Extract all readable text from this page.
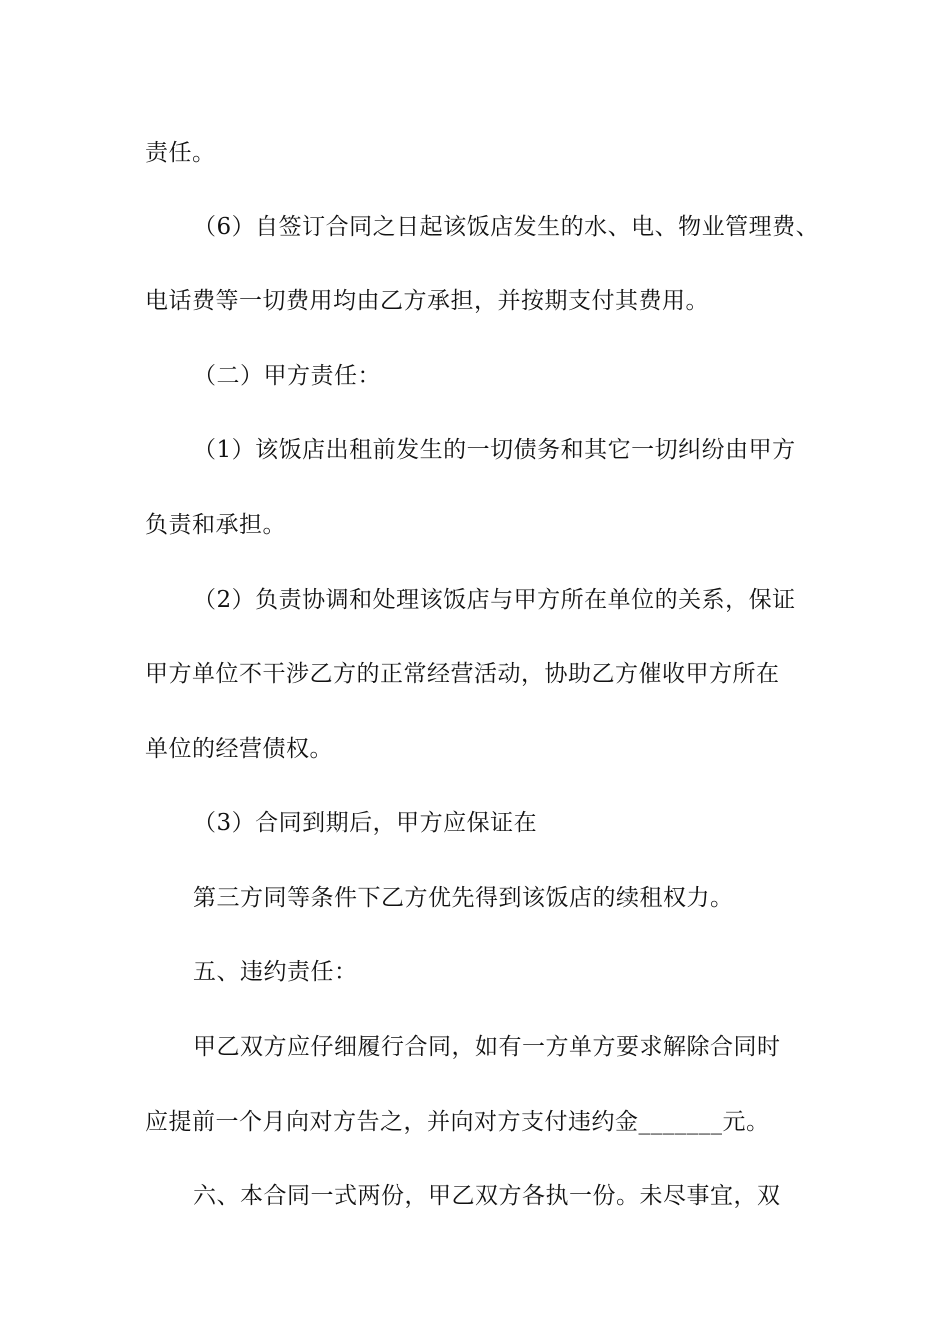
责任。
（6）自签订合同之日起该饭店发生的水、电、物业管理费、
电话费等一切费用均由乙方承担，并按期支付其费用。
（二）甲方责任：
（1）该饭店出租前发生的一切债务和其它一切纠纷由甲方
负责和承担。
（2）负责协调和处理该饭店与甲方所在单位的关系，保证
甲方单位不干涉乙方的正常经营活动，协助乙方催收甲方所在
单位的经营债权。
（3）合同到期后，甲方应保证在
第三方同等条件下乙方优先得到该饭店的续租权力。
五、违约责任：
甲乙双方应仔细履行合同，如有一方单方要求解除合同时
应提前一个月向对方告之，并向对方支付违约金_______元。
六、本合同一式两份，甲乙双方各执一份。未尽事宜，双
